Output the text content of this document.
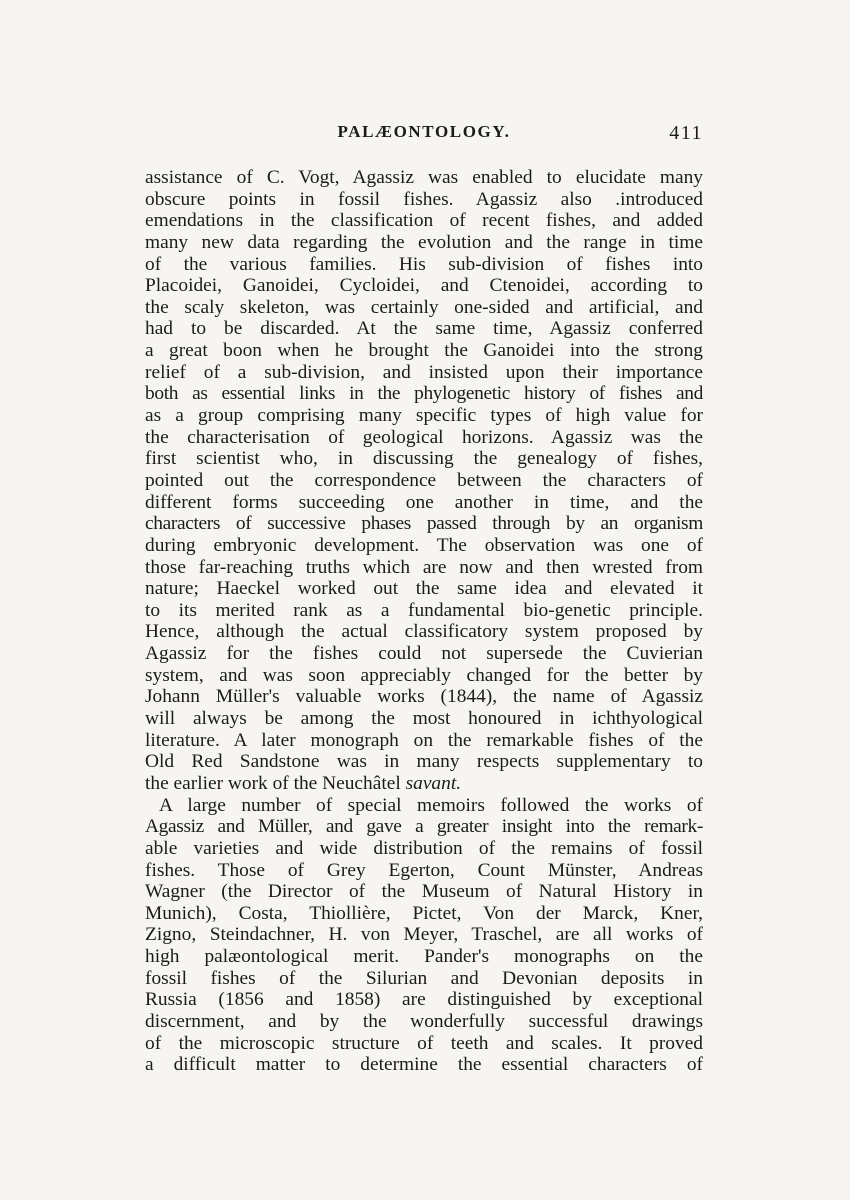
PALÆONTOLOGY.	411
assistance of C. Vogt, Agassiz was enabled to elucidate many
obscure points in fossil fishes. Agassiz also .introduced
emendations in the classification of recent fishes, and added
many new data regarding the evolution and the range in time
of the various families. His sub-division of fishes into
Placoidei, Ganoidei, Cycloidei, and Ctenoidei, according to
the scaly skeleton, was certainly one-sided and artificial, and
had to be discarded. At the same time, Agassiz conferred
a great boon when he brought the Ganoidei into the strong
relief of a sub-division, and insisted upon their importance
both as essential links in the phylogenetic history of fishes and
as a group comprising many specific types of high value for
the characterisation of geological horizons. Agassiz was the
first scientist who, in discussing the genealogy of fishes,
pointed out the correspondence between the characters of
different forms succeeding one another in time, and the
characters of successive phases passed through by an organism
during embryonic development. The observation was one of
those far-reaching truths which are now and then wrested from
nature; Haeckel worked out the same idea and elevated it
to its merited rank as a fundamental bio-genetic principle.
Hence, although the actual classificatory system proposed by
Agassiz for the fishes could not supersede the Cuvierian
system, and was soon appreciably changed for the better by
Johann Müller's valuable works (1844), the name of Agassiz
will always be among the most honoured in ichthyological
literature. A later monograph on the remarkable fishes of the
Old Red Sandstone was in many respects supplementary to
the earlier work of the Neuchâtel savant.
A large number of special memoirs followed the works of
Agassiz and Müller, and gave a greater insight into the remark-
able varieties and wide distribution of the remains of fossil
fishes. Those of Grey Egerton, Count Münster, Andreas
Wagner (the Director of the Museum of Natural History in
Munich), Costa, Thiollière, Pictet, Von der Marck, Kner,
Zigno, Steindachner, H. von Meyer, Traschel, are all works of
high palæontological merit. Pander's monographs on the
fossil fishes of the Silurian and Devonian deposits in
Russia (1856 and 1858) are distinguished by exceptional
discernment, and by the wonderfully successful drawings
of the microscopic structure of teeth and scales. It proved
a difficult matter to determine the essential characters of
